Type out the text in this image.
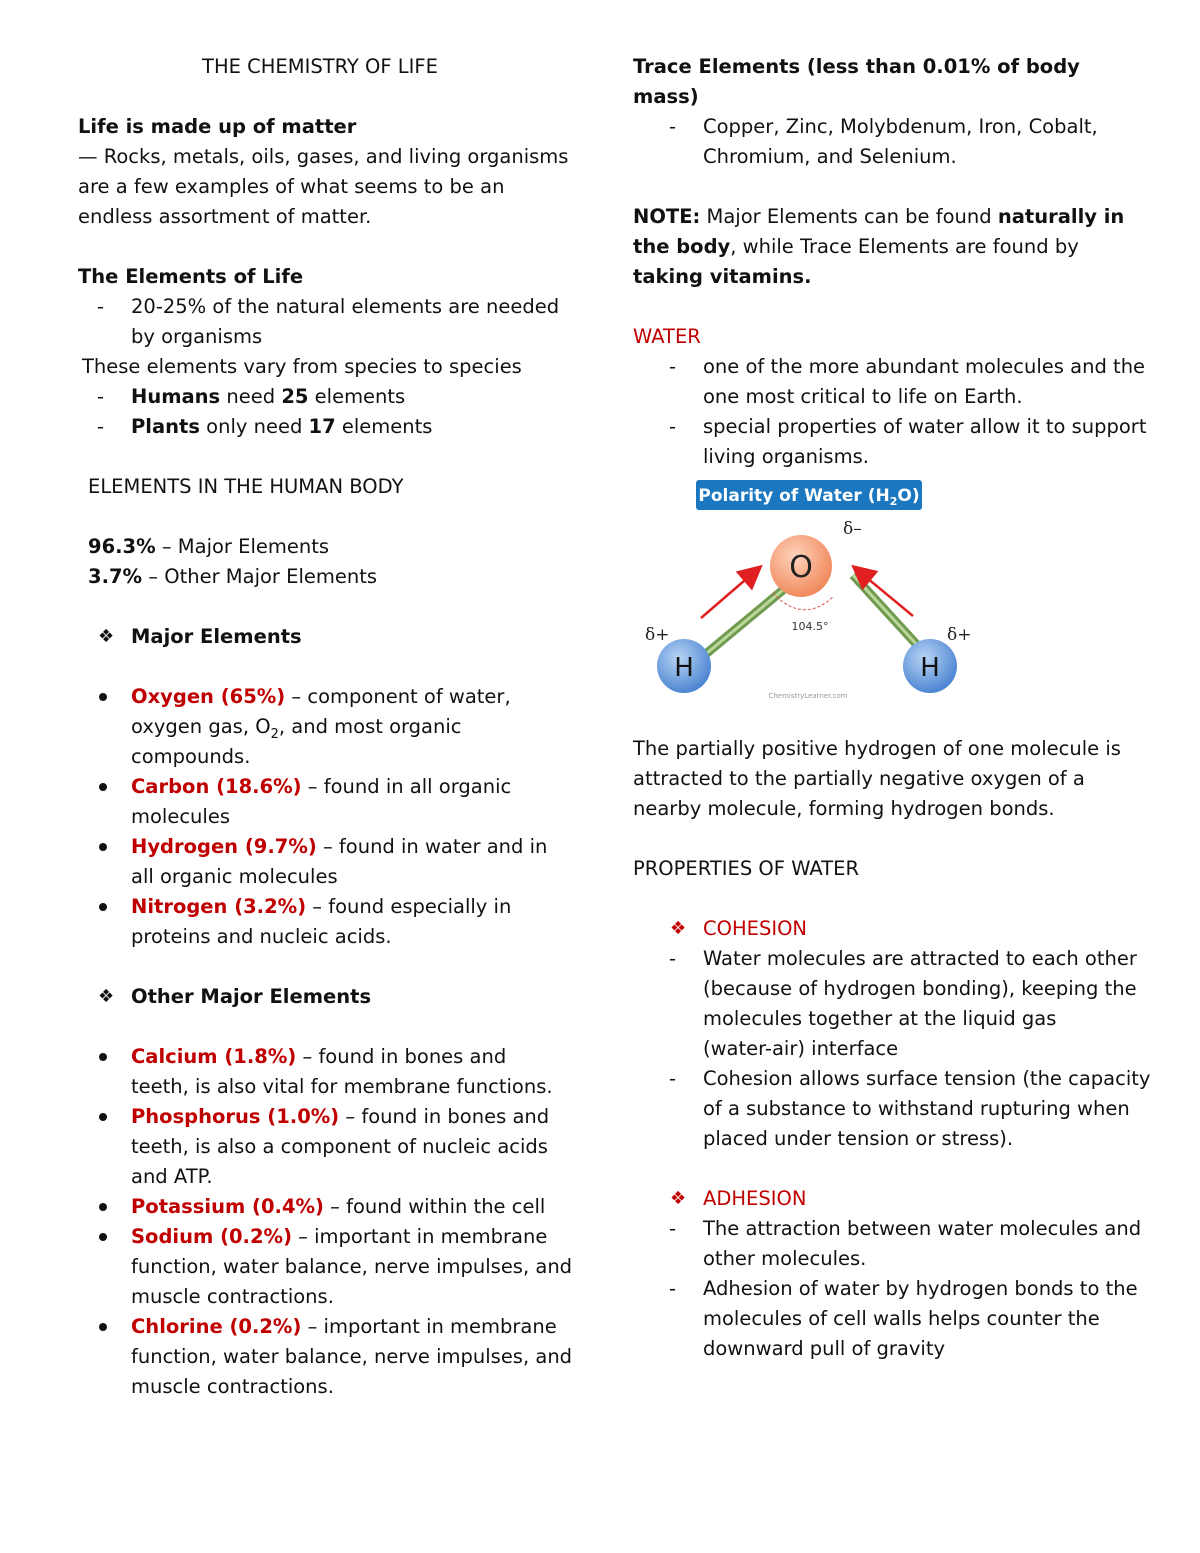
THE CHEMISTRY OF LIFE
Life is made up of matter
— Rocks, metals, oils, gases, and living organisms
are a few examples of what seems to be an
endless assortment of matter.
The Elements of Life
- 20-25% of the natural elements are needed
by organisms
These elements vary from species to species
- Humans need 25 elements
- Plants only need 17 elements
ELEMENTS IN THE HUMAN BODY
96.3% – Major Elements
3.7% – Other Major Elements
❖ Major Elements
Oxygen (65%) – component of water,
oxygen gas, $O_2$, and most organic
compounds.
Carbon (18.6%) – found in all organic
molecules
Hydrogen (9.7%) – found in water and in
all organic molecules
Nitrogen (3.2%) – found especially in
proteins and nucleic acids.
❖ Other Major Elements
Calcium (1.8%) – found in bones and
teeth, is also vital for membrane functions.
Phosphorus (1.0%) – found in bones and
teeth, is also a component of nucleic acids
and ATP.
Potassium (0.4%) – found within the cell
Sodium (0.2%) – important in membrane
function, water balance, nerve impulses, and
muscle contractions.
Chlorine (0.2%) – important in membrane
function, water balance, nerve impulses, and
muscle contractions.
Trace Elements (less than 0.01% of body
mass)
- Copper, Zinc, Molybdenum, Iron, Cobalt,
Chromium, and Selenium.
NOTE: Major Elements can be found naturally in
the body, while Trace Elements are found by
taking vitamins.
WATER
- one of the more abundant molecules and the
one most critical to life on Earth.
- special properties of water allow it to support
living organisms.
Polarity of Water $(H_2O)$
104.5°
O
δ–
H	H
δ+	δ+
ChemistryLearner.com
The partially positive hydrogen of one molecule is
attracted to the partially negative oxygen of a
nearby molecule, forming hydrogen bonds.
PROPERTIES OF WATER
❖ COHESION
- Water molecules are attracted to each other
(because of hydrogen bonding), keeping the
molecules together at the liquid gas
(water-air) interface
- Cohesion allows surface tension (the capacity
of a substance to withstand rupturing when
placed under tension or stress).
❖ ADHESION
- The attraction between water molecules and
other molecules.
- Adhesion of water by hydrogen bonds to the
molecules of cell walls helps counter the
downward pull of gravity
